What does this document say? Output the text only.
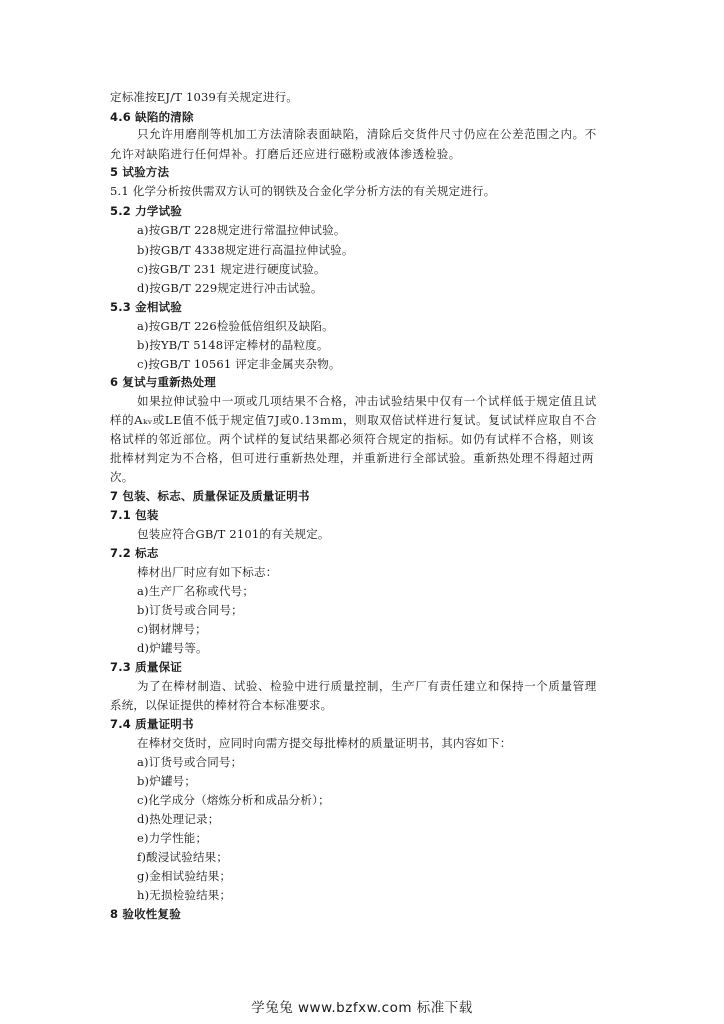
定标准按EJ/T 1039有关规定进行。
4.6 缺陷的清除
只允许用磨削等机加工方法清除表面缺陷，清除后交货件尺寸仍应在公差范围之内。不
允许对缺陷进行任何焊补。打磨后还应进行磁粉或液体渗透检验。
5 试验方法
5.1 化学分析按供需双方认可的钢铁及合金化学分析方法的有关规定进行。
5.2 力学试验
a)按GB/T 228规定进行常温拉伸试验。
b)按GB/T 4338规定进行高温拉伸试验。
c)按GB/T 231 规定进行硬度试验。
d)按GB/T 229规定进行冲击试验。
5.3 金相试验
a)按GB/T 226检验低倍组织及缺陷。
b)按YB/T 5148评定棒材的晶粒度。
c)按GB/T 10561 评定非金属夹杂物。
6 复试与重新热处理
如果拉伸试验中一项或几项结果不合格，冲击试验结果中仅有一个试样低于规定值且试
样的Aₖᵥ或LE值不低于规定值7J或0.13mm，则取双倍试样进行复试。复试试样应取自不合
格试样的邻近部位。两个试样的复试结果都必须符合规定的指标。如仍有试样不合格，则该
批棒材判定为不合格，但可进行重新热处理，并重新进行全部试验。重新热处理不得超过两
次。
7 包装、标志、质量保证及质量证明书
7.1 包装
包装应符合GB/T 2101的有关规定。
7.2 标志
棒材出厂时应有如下标志：
a)生产厂名称或代号；
b)订货号或合同号；
c)钢材牌号；
d)炉罐号等。
7.3 质量保证
为了在棒材制造、试验、检验中进行质量控制，生产厂有责任建立和保持一个质量管理
系统，以保证提供的棒材符合本标准要求。
7.4 质量证明书
在棒材交货时，应同时向需方提交每批棒材的质量证明书，其内容如下：
a)订货号或合同号；
b)炉罐号；
c)化学成分（熔炼分析和成品分析）；
d)热处理记录；
e)力学性能；
f)酸浸试验结果；
g)金相试验结果；
h)无损检验结果；
8 验收性复验
学兔兔 www.bzfxw.com 标准下载
